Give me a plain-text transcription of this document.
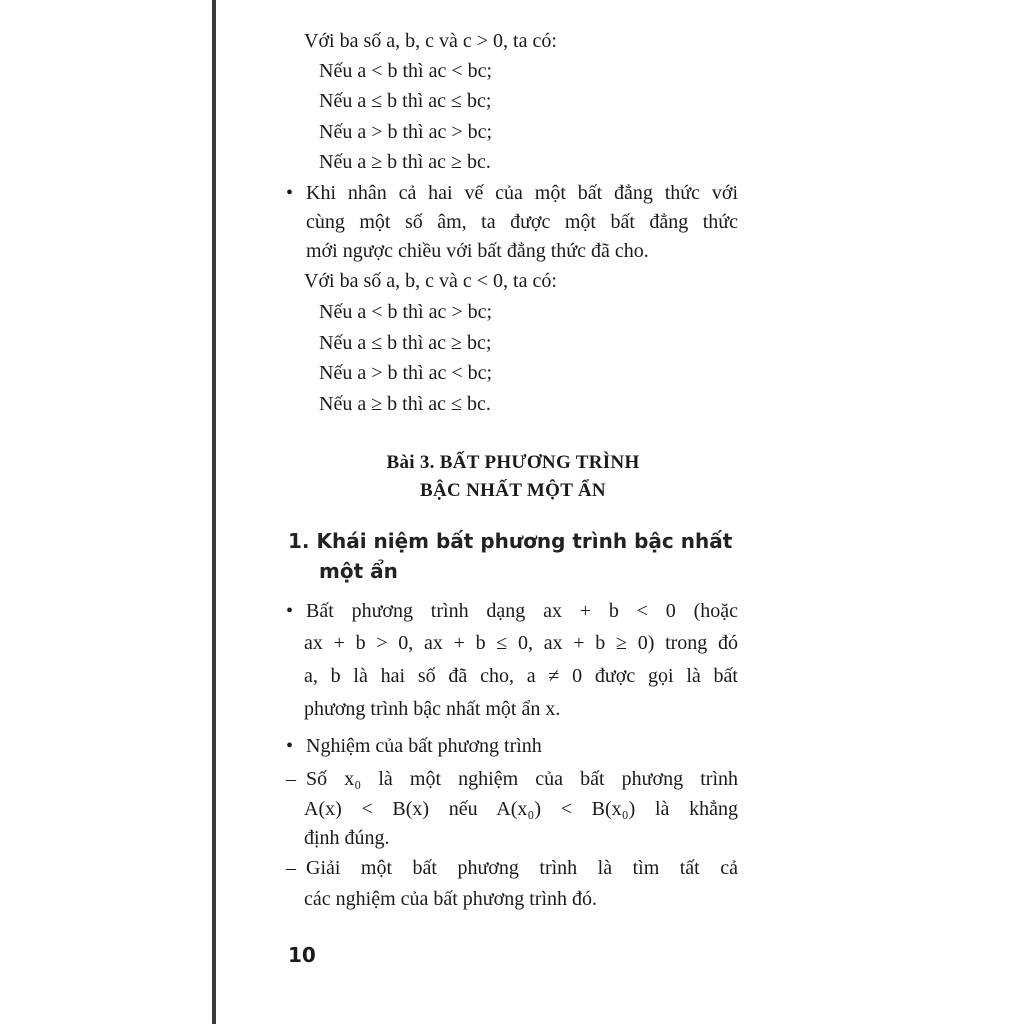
Với ba số a, b, c và c > 0, ta có:

Nếu a < b thì ac < bc;

Nếu a ≤ b thì ac ≤ bc;

Nếu a > b thì ac > bc;

Nếu a ≥ b thì ac ≥ bc.

• Khi nhân cả hai vế của một bất đẳng thức với

cùng một số âm, ta được một bất đẳng thức

mới ngược chiều với bất đẳng thức đã cho.

Với ba số a, b, c và c < 0, ta có:

Nếu a < b thì ac > bc;

Nếu a ≤ b thì ac ≥ bc;

Nếu a > b thì ac < bc;

Nếu a ≥ b thì ac ≤ bc.

Bài 3. BẤT PHƯƠNG TRÌNH
BẬC NHẤT MỘT ẨN
1. Khái niệm bất phương trình bậc nhất
một ẩn
• Bất phương trình dạng ax + b < 0 (hoặc

ax + b > 0, ax + b ≤ 0, ax + b ≥ 0) trong đó

a, b là hai số đã cho, a ≠ 0 được gọi là bất

phương trình bậc nhất một ẩn x.

• Nghiệm của bất phương trình

– Số x₀ là một nghiệm của bất phương trình

A(x) < B(x) nếu A(x₀) < B(x₀) là khẳng

định đúng.

– Giải một bất phương trình là tìm tất cả

các nghiệm của bất phương trình đó.

10
